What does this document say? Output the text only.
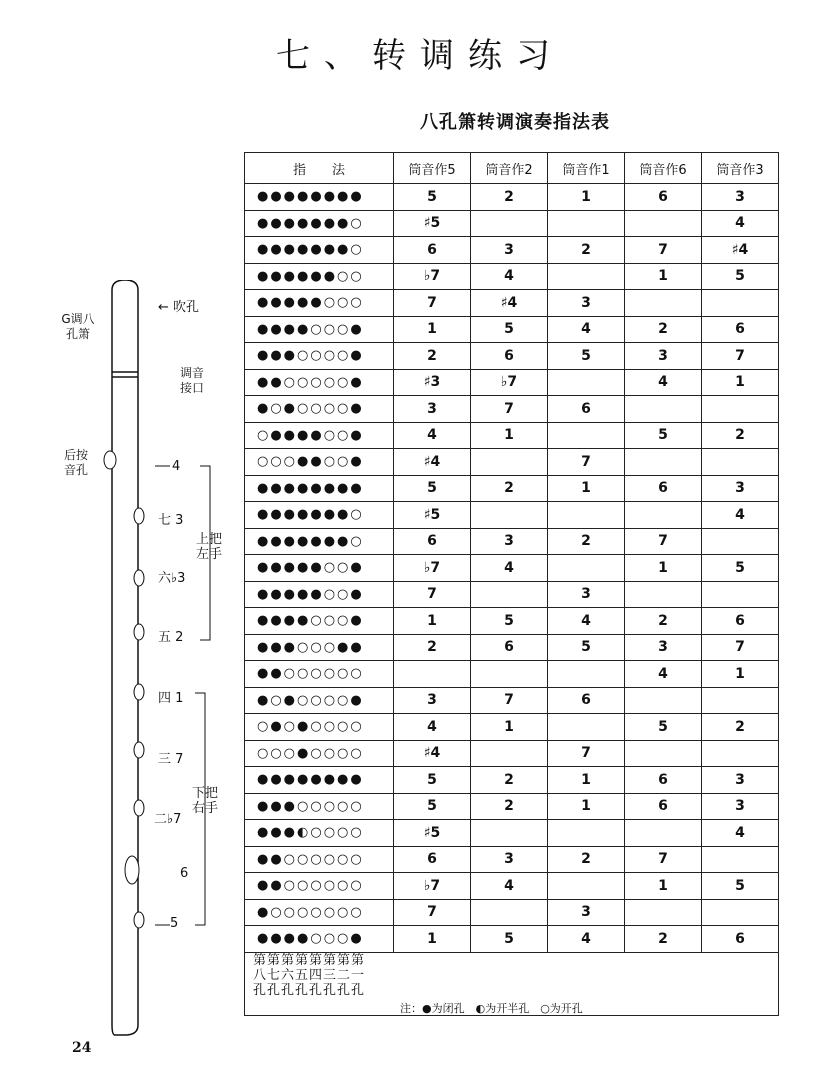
七、转调练习
G调八孔箫
后按音孔
← 吹孔
调音接口
上把左手
下把右手
4
七 3
六♭3
五 2
四 1
三 7
二♭7
6
5
八孔箫转调演奏指法表
指　　法	筒音作5	筒音作2	筒音作1	筒音作6	筒音作3
●●●●●●●●	5	2	1	6	3
●●●●●●●○	♯5				4
●●●●●●●○	6	3	2	7	♯4
●●●●●●○○	♭7	4		1	5
●●●●●○○○	7	♯4	3		
●●●●○○○●	1	5	4	2	6
●●●○○○○●	2	6	5	3	7
●●○○○○○●	♯3	♭7		4	1
●○●○○○○●	3	7	6		
○●●●●○○●	4	1		5	2
○○○●●○○●	♯4		7		
●●●●●●●●	5	2	1	6	3
●●●●●●●○	♯5				4
●●●●●●●○	6	3	2	7	
●●●●●○○●	♭7	4		1	5
●●●●●○○●	7		3		
●●●●○○○●	1	5	4	2	6
●●●○○○●●	2	6	5	3	7
●●○○○○○○				4	1
●○●○○○○●	3	7	6		
○●○●○○○○	4	1		5	2
○○○●○○○○	♯4		7		
●●●●●●●●	5	2	1	6	3
●●●○○○○○	5	2	1	6	3
●●●◐○○○○	♯5				4
●●○○○○○○	6	3	2	7	
●●○○○○○○	♭7	4		1	5
●○○○○○○○	7		3		
●●●●○○○●	1	5	4	2	6

第第第第第第第第
八七六五四三二一
孔孔孔孔孔孔孔孔					
注：●为闭孔　◐为开半孔　○为开孔
24
